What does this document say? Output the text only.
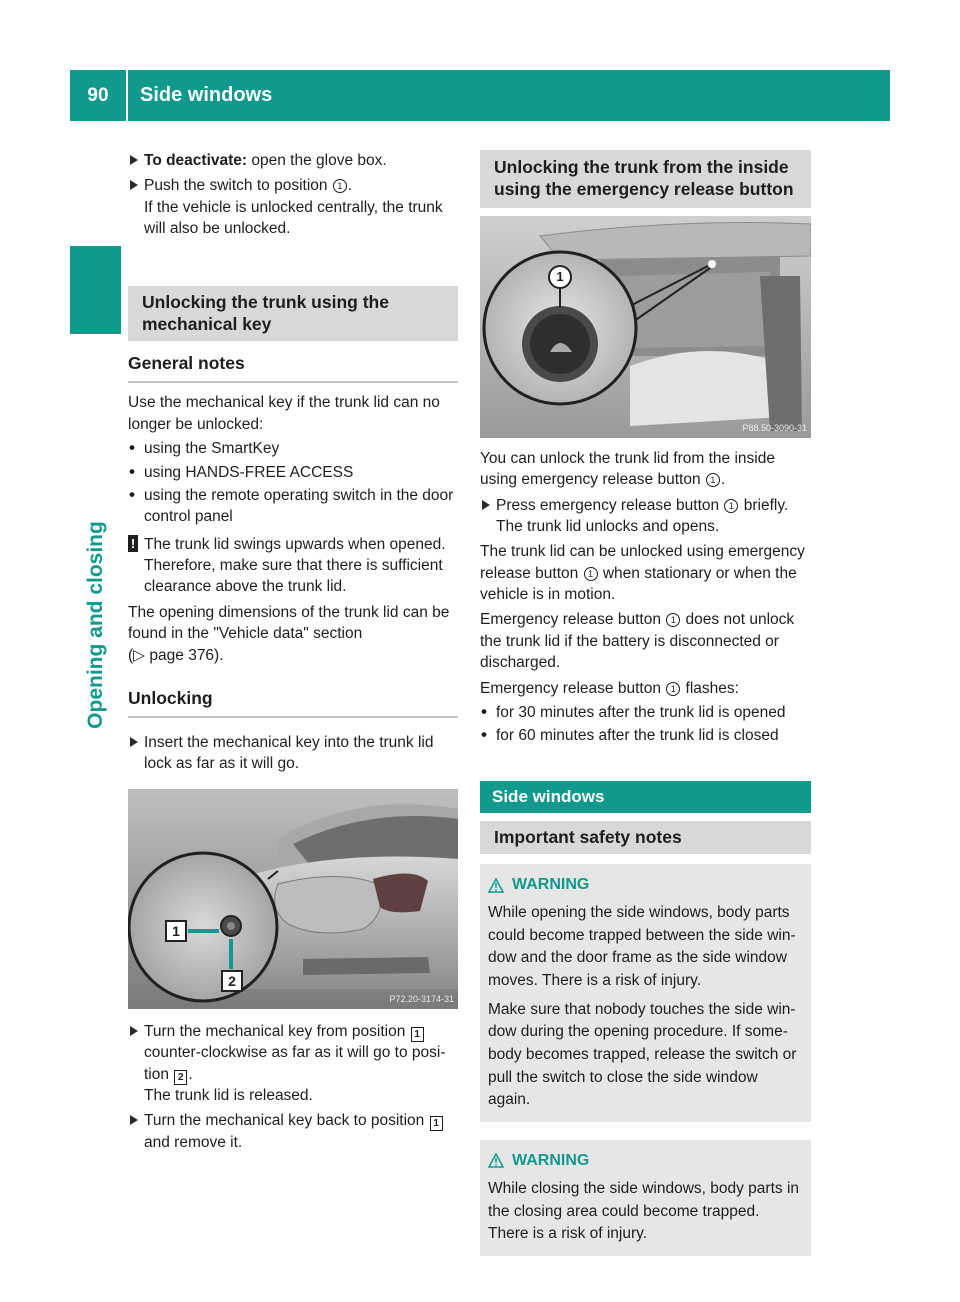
90	Side windows
Opening and closing

To deactivate: open the glove box.

Push the switch to position 1 .
If the vehicle is unlocked centrally, the trunk will also be unlocked.

Unlocking the trunk using the mechanical key
General notes

Use the mechanical key if the trunk lid can no longer be unlocked:

• using the SmartKey

• using HANDS-FREE ACCESS

• using the remote operating switch in the door control panel

! The trunk lid swings upwards when opened. Therefore, make sure that there is sufficient clearance above the trunk lid.

The opening dimensions of the trunk lid can be found in the "Vehicle data" section
(▷ page 376).

Unlocking

Insert the mechanical key into the trunk lid lock as far as it will go.

1
2
P72.20-3174-31

Turn the mechanical key from position 1 counter-clockwise as far as it will go to posi-tion 2 .
The trunk lid is released.

Turn the mechanical key back to position 1 and remove it.

Unlocking the trunk from the inside using the emergency release button
1
P88.50-3090-31

You can unlock the trunk lid from the inside using emergency release button 1 .

Press emergency release button 1 briefly.
The trunk lid unlocks and opens.

The trunk lid can be unlocked using emergency release button 1 when stationary or when the vehicle is in motion.

Emergency release button 1 does not unlock the trunk lid if the battery is disconnected or discharged.

Emergency release button 1 flashes:

• for 30 minutes after the trunk lid is opened

• for 60 minutes after the trunk lid is closed

Side windows
Important safety notes
WARNING

While opening the side windows, body parts could become trapped between the side win-dow and the door frame as the side window moves. There is a risk of injury.

Make sure that nobody touches the side win-dow during the opening procedure. If some-body becomes trapped, release the switch or pull the switch to close the side window again.

WARNING

While closing the side windows, body parts in the closing area could become trapped. There is a risk of injury.
